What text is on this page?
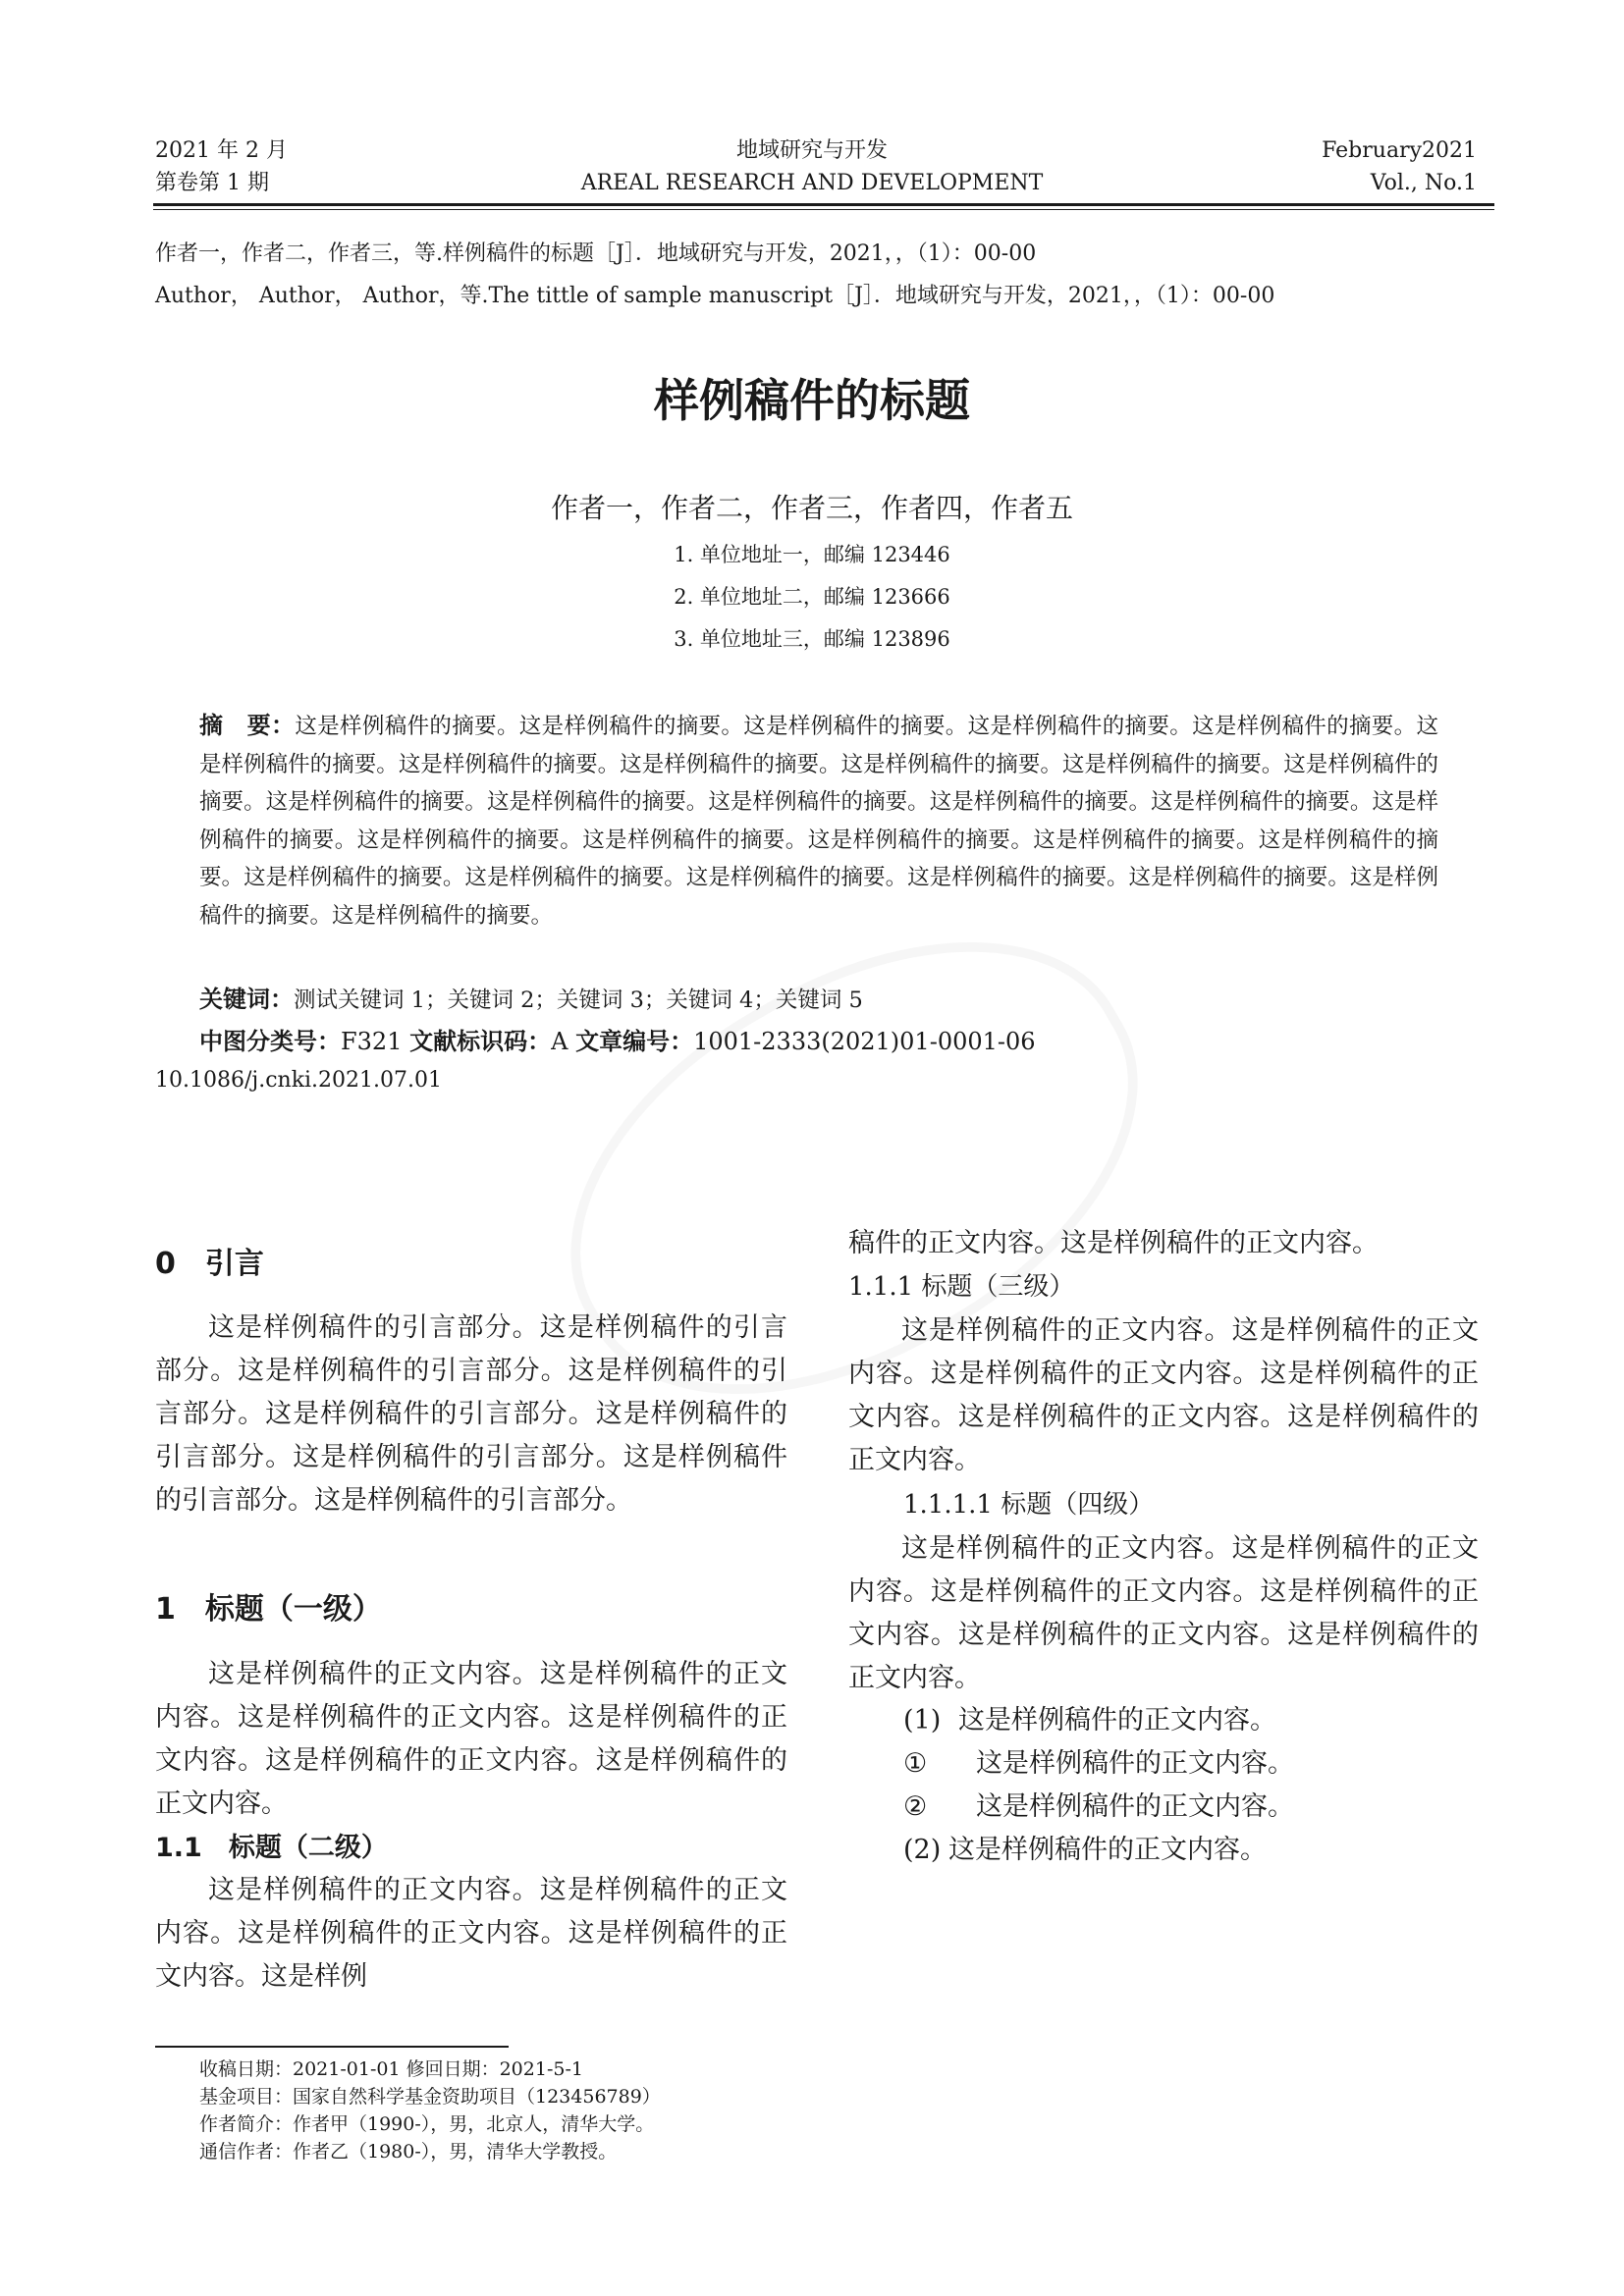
2021 年 2 月
第卷第 1 期
地域研究与开发
AREAL RESEARCH AND DEVELOPMENT
February2021
Vol., No.1
作者一，作者二，作者三，等.样例稿件的标题［J］．地域研究与开发，2021，，（1）：00-00
Author， Author， Author，等.The tittle of sample manuscript［J］．地域研究与开发，2021，，（1）：00-00
样例稿件的标题
作者一，作者二，作者三，作者四，作者五
1. 单位地址一，邮编 123446
2. 单位地址二，邮编 123666
3. 单位地址三，邮编 123896
摘　要：这是样例稿件的摘要。这是样例稿件的摘要。这是样例稿件的摘要。这是样例稿件的摘要。这是样例稿件的摘要。这是样例稿件的摘要。这是样例稿件的摘要。这是样例稿件的摘要。这是样例稿件的摘要。这是样例稿件的摘要。这是样例稿件的摘要。这是样例稿件的摘要。这是样例稿件的摘要。这是样例稿件的摘要。这是样例稿件的摘要。这是样例稿件的摘要。这是样例稿件的摘要。这是样例稿件的摘要。这是样例稿件的摘要。这是样例稿件的摘要。这是样例稿件的摘要。这是样例稿件的摘要。这是样例稿件的摘要。这是样例稿件的摘要。这是样例稿件的摘要。这是样例稿件的摘要。这是样例稿件的摘要。这是样例稿件的摘要。这是样例稿件的摘要。
关键词：测试关键词 1；关键词 2；关键词 3；关键词 4；关键词 5
中图分类号：F321 文献标识码：A 文章编号：1001-2333(2021)01-0001-06
10.1086/j.cnki.2021.07.01
0　引言
这是样例稿件的引言部分。这是样例稿件的引言部分。这是样例稿件的引言部分。这是样例稿件的引言部分。这是样例稿件的引言部分。这是样例稿件的引言部分。这是样例稿件的引言部分。这是样例稿件的引言部分。这是样例稿件的引言部分。
1　标题（一级）
这是样例稿件的正文内容。这是样例稿件的正文内容。这是样例稿件的正文内容。这是样例稿件的正文内容。这是样例稿件的正文内容。这是样例稿件的正文内容。
1.1　标题（二级）
这是样例稿件的正文内容。这是样例稿件的正文内容。这是样例稿件的正文内容。这是样例稿件的正文内容。这是样例
稿件的正文内容。这是样例稿件的正文内容。
1.1.1 标题（三级）
这是样例稿件的正文内容。这是样例稿件的正文内容。这是样例稿件的正文内容。这是样例稿件的正文内容。这是样例稿件的正文内容。这是样例稿件的正文内容。
1.1.1.1 标题（四级）
这是样例稿件的正文内容。这是样例稿件的正文内容。这是样例稿件的正文内容。这是样例稿件的正文内容。这是样例稿件的正文内容。这是样例稿件的正文内容。
(1) 这是样例稿件的正文内容。
① 这是样例稿件的正文内容。
② 这是样例稿件的正文内容。
(2) 这是样例稿件的正文内容。
收稿日期：2021-01-01 修回日期：2021-5-1
基金项目：国家自然科学基金资助项目（123456789）
作者简介：作者甲（1990-），男，北京人，清华大学。
通信作者：作者乙（1980-），男，清华大学教授。
